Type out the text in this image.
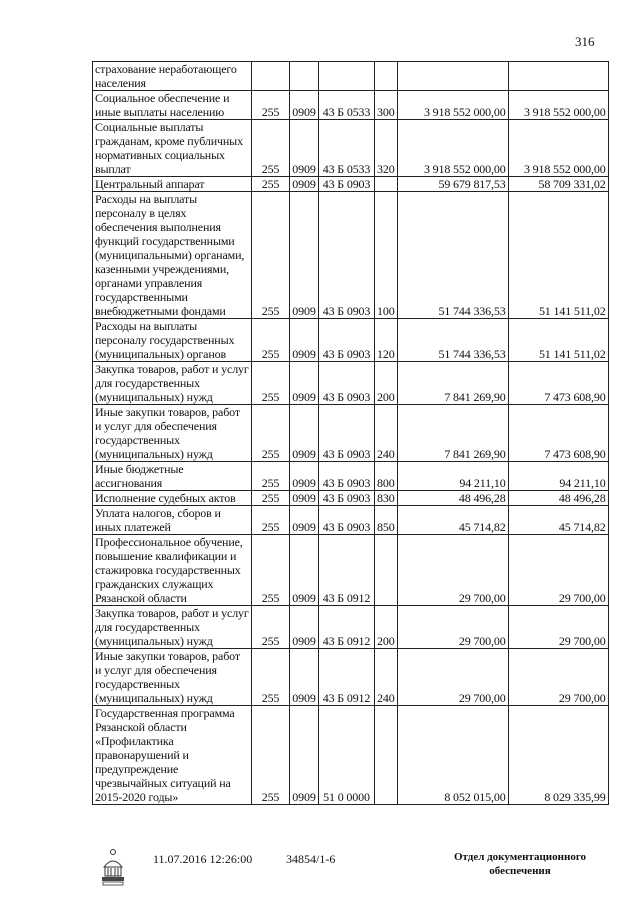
316
страхование неработающего населения						
Социальное обеспечение и иные выплаты населению	255	0909	43 Б 0533	300	3 918 552 000,00	3 918 552 000,00
Социальные выплаты гражданам, кроме публичных нормативных социальных выплат	255	0909	43 Б 0533	320	3 918 552 000,00	3 918 552 000,00
Центральный аппарат	255	0909	43 Б 0903		59 679 817,53	58 709 331,02
Расходы на выплаты персоналу в целях обеспечения выполнения функций государственными (муниципальными) органами, казенными учреждениями, органами управления государственными внебюджетными фондами	255	0909	43 Б 0903	100	51 744 336,53	51 141 511,02
Расходы на выплаты персоналу государственных (муниципальных) органов	255	0909	43 Б 0903	120	51 744 336,53	51 141 511,02
Закупка товаров, работ и услуг для государственных (муниципальных) нужд	255	0909	43 Б 0903	200	7 841 269,90	7 473 608,90
Иные закупки товаров, работ и услуг для обеспечения государственных (муниципальных) нужд	255	0909	43 Б 0903	240	7 841 269,90	7 473 608,90
Иные бюджетные ассигнования	255	0909	43 Б 0903	800	94 211,10	94 211,10
Исполнение судебных актов	255	0909	43 Б 0903	830	48 496,28	48 496,28
Уплата налогов, сборов и иных платежей	255	0909	43 Б 0903	850	45 714,82	45 714,82
Профессиональное обучение, повышение квалификации и стажировка государственных гражданских служащих Рязанской области	255	0909	43 Б 0912		29 700,00	29 700,00
Закупка товаров, работ и услуг для государственных (муниципальных) нужд	255	0909	43 Б 0912	200	29 700,00	29 700,00
Иные закупки товаров, работ и услуг для обеспечения государственных (муниципальных) нужд	255	0909	43 Б 0912	240	29 700,00	29 700,00
Государственная программа Рязанской области «Профилактика правонарушений и предупреждение чрезвычайных ситуаций на 2015-2020 годы»	255	0909	51 0 0000		8 052 015,00	8 029 335,99
11.07.2016 12:26:00	34854/1-6	Отдел документационного
обеспечения
